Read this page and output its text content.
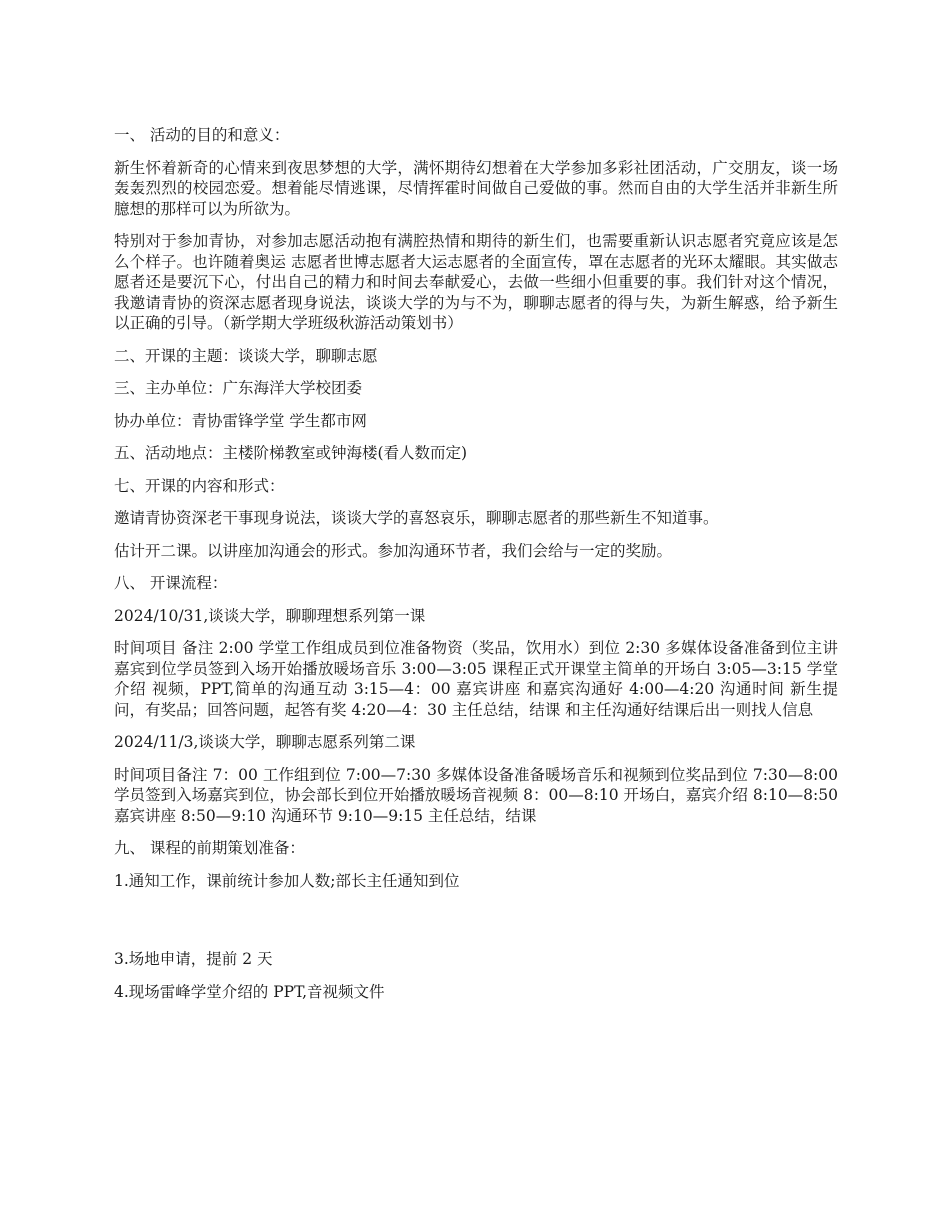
一、 活动的目的和意义：

新生怀着新奇的心情来到夜思梦想的大学，满怀期待幻想着在大学参加多彩社团活动，广交朋友，谈一场轰轰烈烈的校园恋爱。想着能尽情逃课，尽情挥霍时间做自己爱做的事。然而自由的大学生活并非新生所臆想的那样可以为所欲为。

特别对于参加青协，对参加志愿活动抱有满腔热情和期待的新生们，也需要重新认识志愿者究竟应该是怎么个样子。也许随着奥运 志愿者世博志愿者大运志愿者的全面宣传，罩在志愿者的光环太耀眼。其实做志愿者还是要沉下心，付出自己的精力和时间去奉献爱心，去做一些细小但重要的事。我们针对这个情况，我邀请青协的资深志愿者现身说法，谈谈大学的为与不为，聊聊志愿者的得与失，为新生解惑，给予新生以正确的引导。（新学期大学班级秋游活动策划书）

二、开课的主题：谈谈大学，聊聊志愿

三、主办单位：广东海洋大学校团委

协办单位：青协雷锋学堂 学生都市网

五、活动地点：主楼阶梯教室或钟海楼(看人数而定)

七、开课的内容和形式：

邀请青协资深老干事现身说法，谈谈大学的喜怒哀乐，聊聊志愿者的那些新生不知道事。

估计开二课。以讲座加沟通会的形式。参加沟通环节者，我们会给与一定的奖励。

八、 开课流程：

2024/10/31,谈谈大学，聊聊理想系列第一课

时间项目 备注 2:00 学堂工作组成员到位准备物资（奖品，饮用水）到位 2:30 多媒体设备准备到位主讲嘉宾到位学员签到入场开始播放暖场音乐 3:00—3:05 课程正式开课堂主简单的开场白 3:05—3:15 学堂介绍 视频，PPT,简单的沟通互动 3:15—4：00 嘉宾讲座 和嘉宾沟通好 4:00—4:20 沟通时间 新生提问，有奖品；回答问题，起答有奖 4:20—4：30 主任总结，结课 和主任沟通好结课后出一则找人信息

2024/11/3,谈谈大学，聊聊志愿系列第二课

时间项目备注 7：00 工作组到位 7:00—7:30 多媒体设备准备暖场音乐和视频到位奖品到位 7:30—8:00 学员签到入场嘉宾到位，协会部长到位开始播放暖场音视频 8：00—8:10 开场白，嘉宾介绍 8:10—8:50 嘉宾讲座 8:50—9:10 沟通环节 9:10—9:15 主任总结，结课

九、 课程的前期策划准备：

1.通知工作，课前统计参加人数;部长主任通知到位

3.场地申请，提前 2 天

4.现场雷峰学堂介绍的 PPT,音视频文件
